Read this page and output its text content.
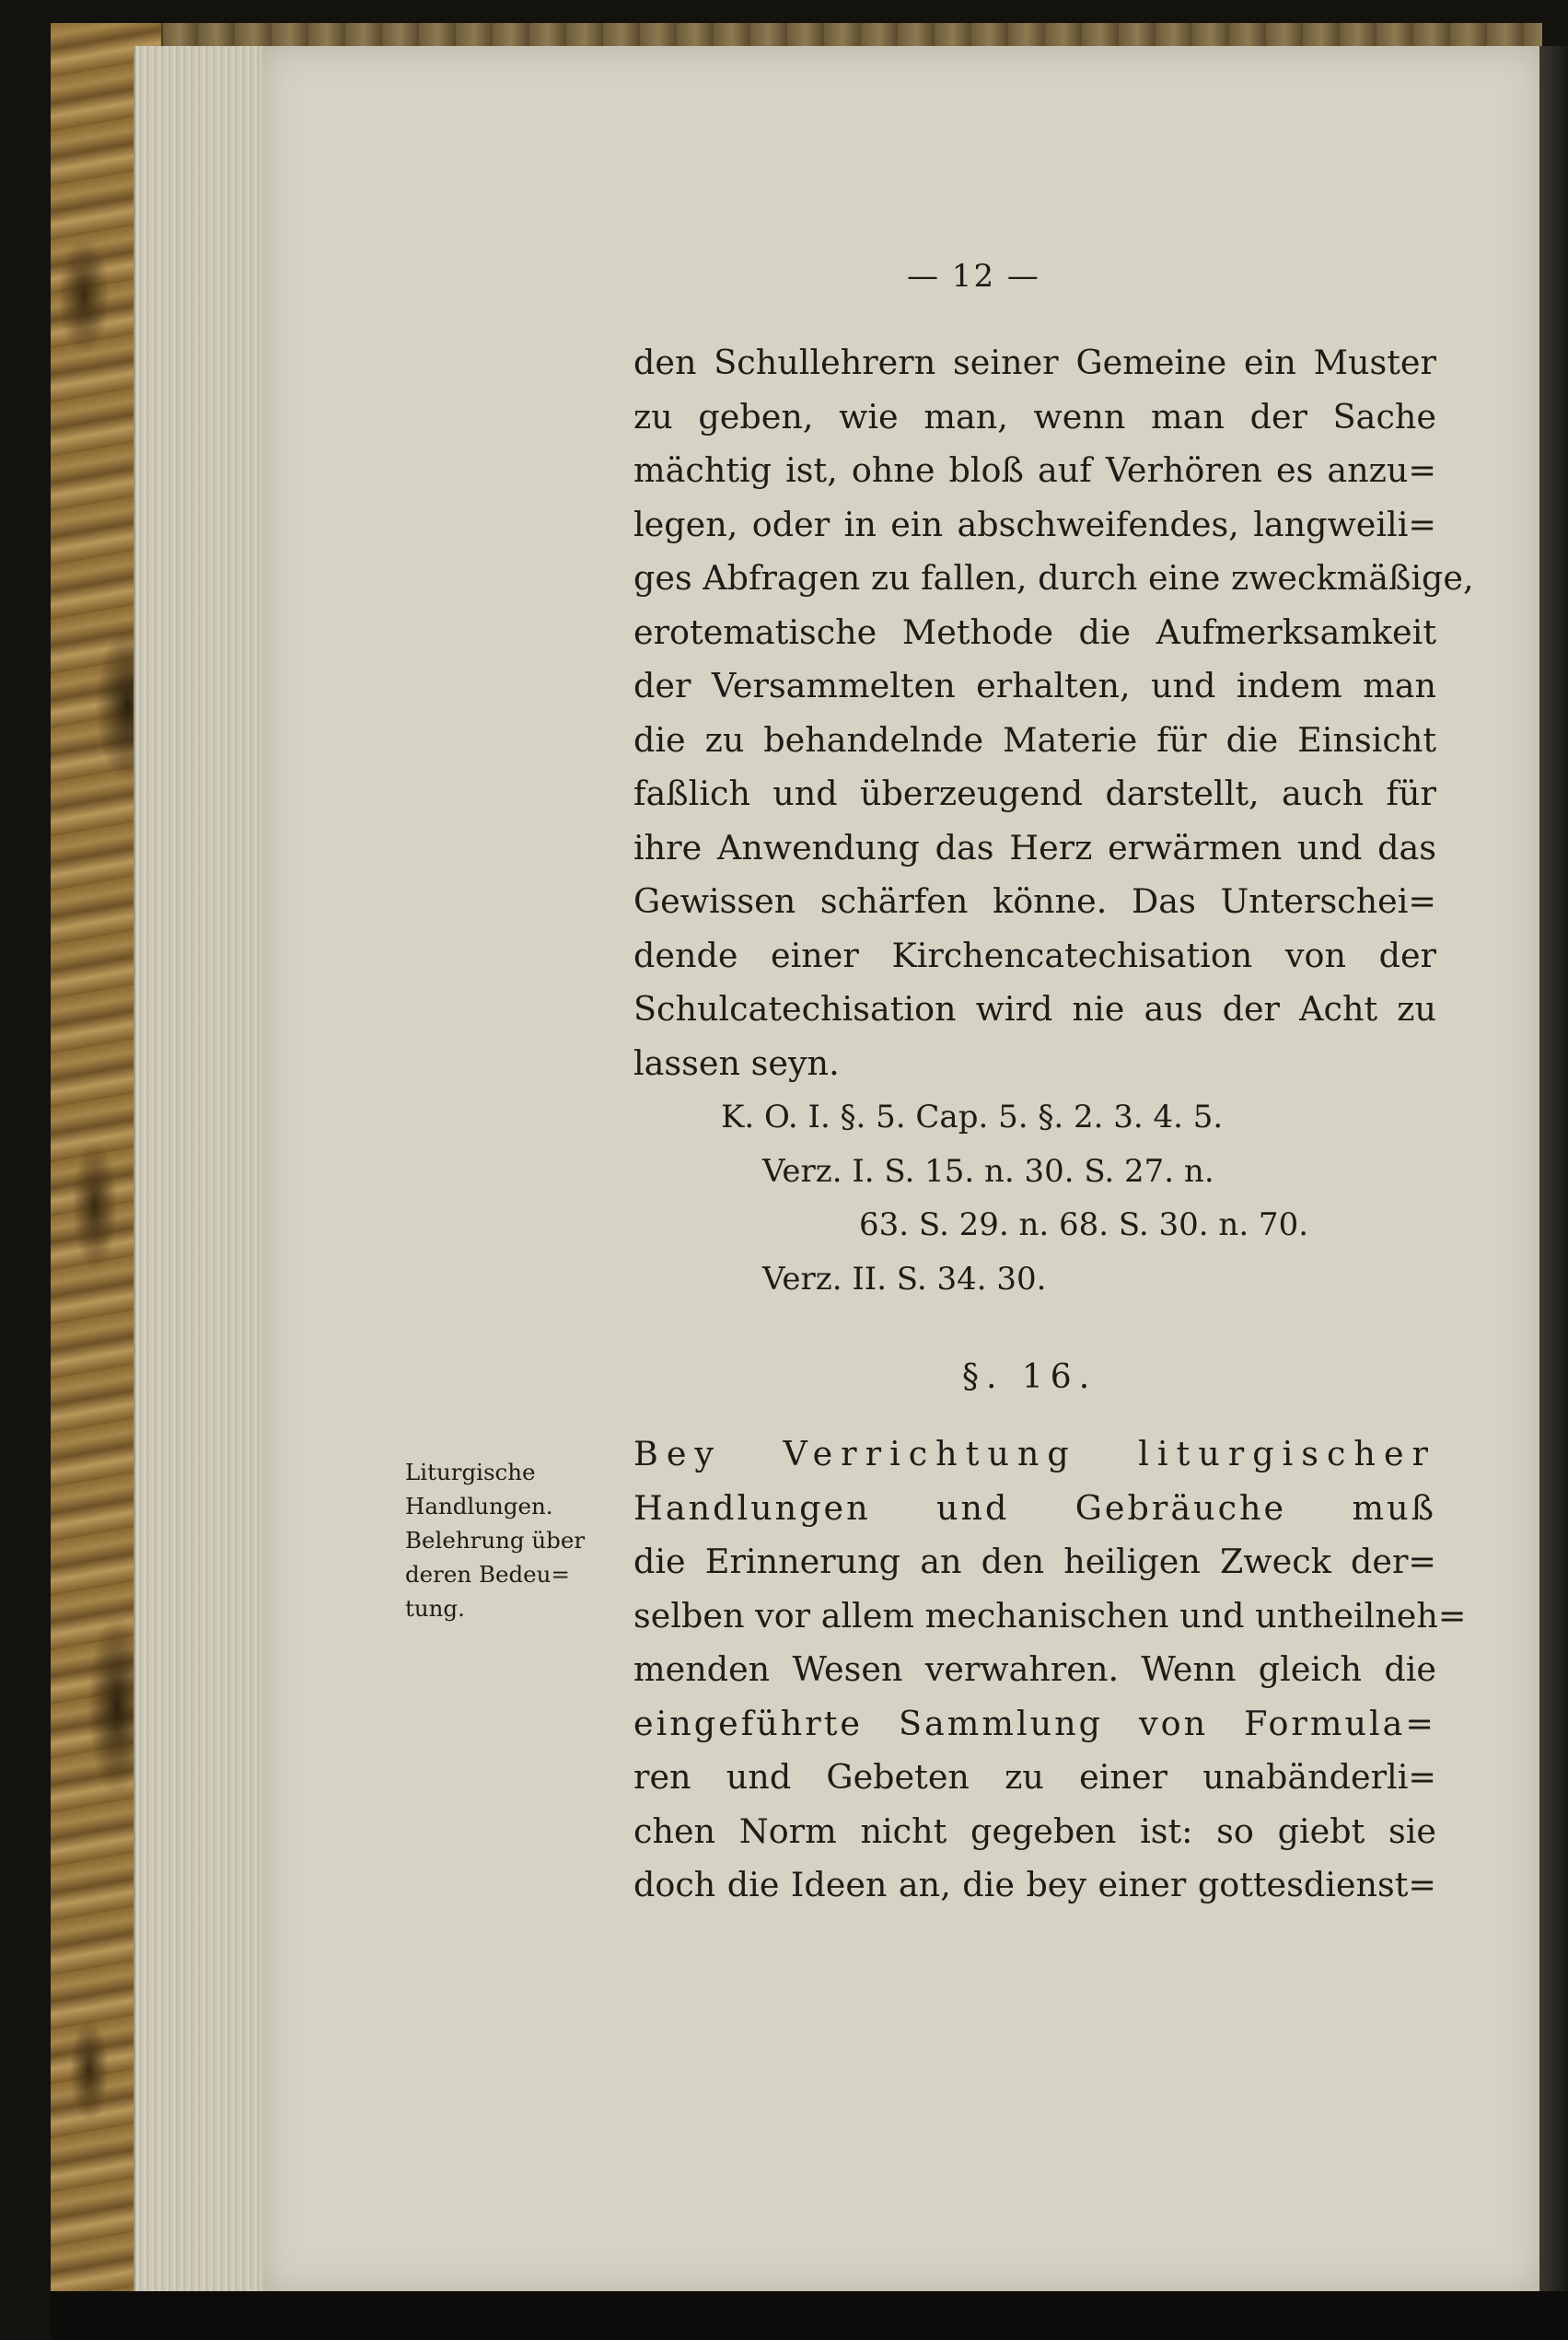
— 12 —
den Schullehrern seiner Gemeine ein Muster
zu geben, wie man, wenn man der Sache
mächtig ist, ohne bloß auf Verhören es anzu=
legen, oder in ein abschweifendes, langweili=
ges Abfragen zu fallen, durch eine zweckmäßige,
erotematische Methode die Aufmerksamkeit
der Versammelten erhalten, und indem man
die zu behandelnde Materie für die Einsicht
faßlich und überzeugend darstellt, auch für
ihre Anwendung das Herz erwärmen und das
Gewissen schärfen könne. Das Unterschei=
dende einer Kirchencatechisation von der
Schulcatechisation wird nie aus der Acht zu
lassen seyn.
K. O. I. §. 5. Cap. 5. §. 2. 3. 4. 5.
Verz. I. S. 15. n. 30. S. 27. n.
63. S. 29. n. 68. S. 30. n. 70.
Verz. II. S. 34. 30.
§. 16.
Liturgische
Handlungen.
Belehrung über
deren Bedeu=
tung.
Bey Verrichtung liturgischer
Handlungen und Gebräuche muß
die Erinnerung an den heiligen Zweck der=
selben vor allem mechanischen und untheilneh=
menden Wesen verwahren. Wenn gleich die
eingeführte Sammlung von Formula=
ren und Gebeten zu einer unabänderli=
chen Norm nicht gegeben ist: so giebt sie
doch die Ideen an, die bey einer gottesdienst=
